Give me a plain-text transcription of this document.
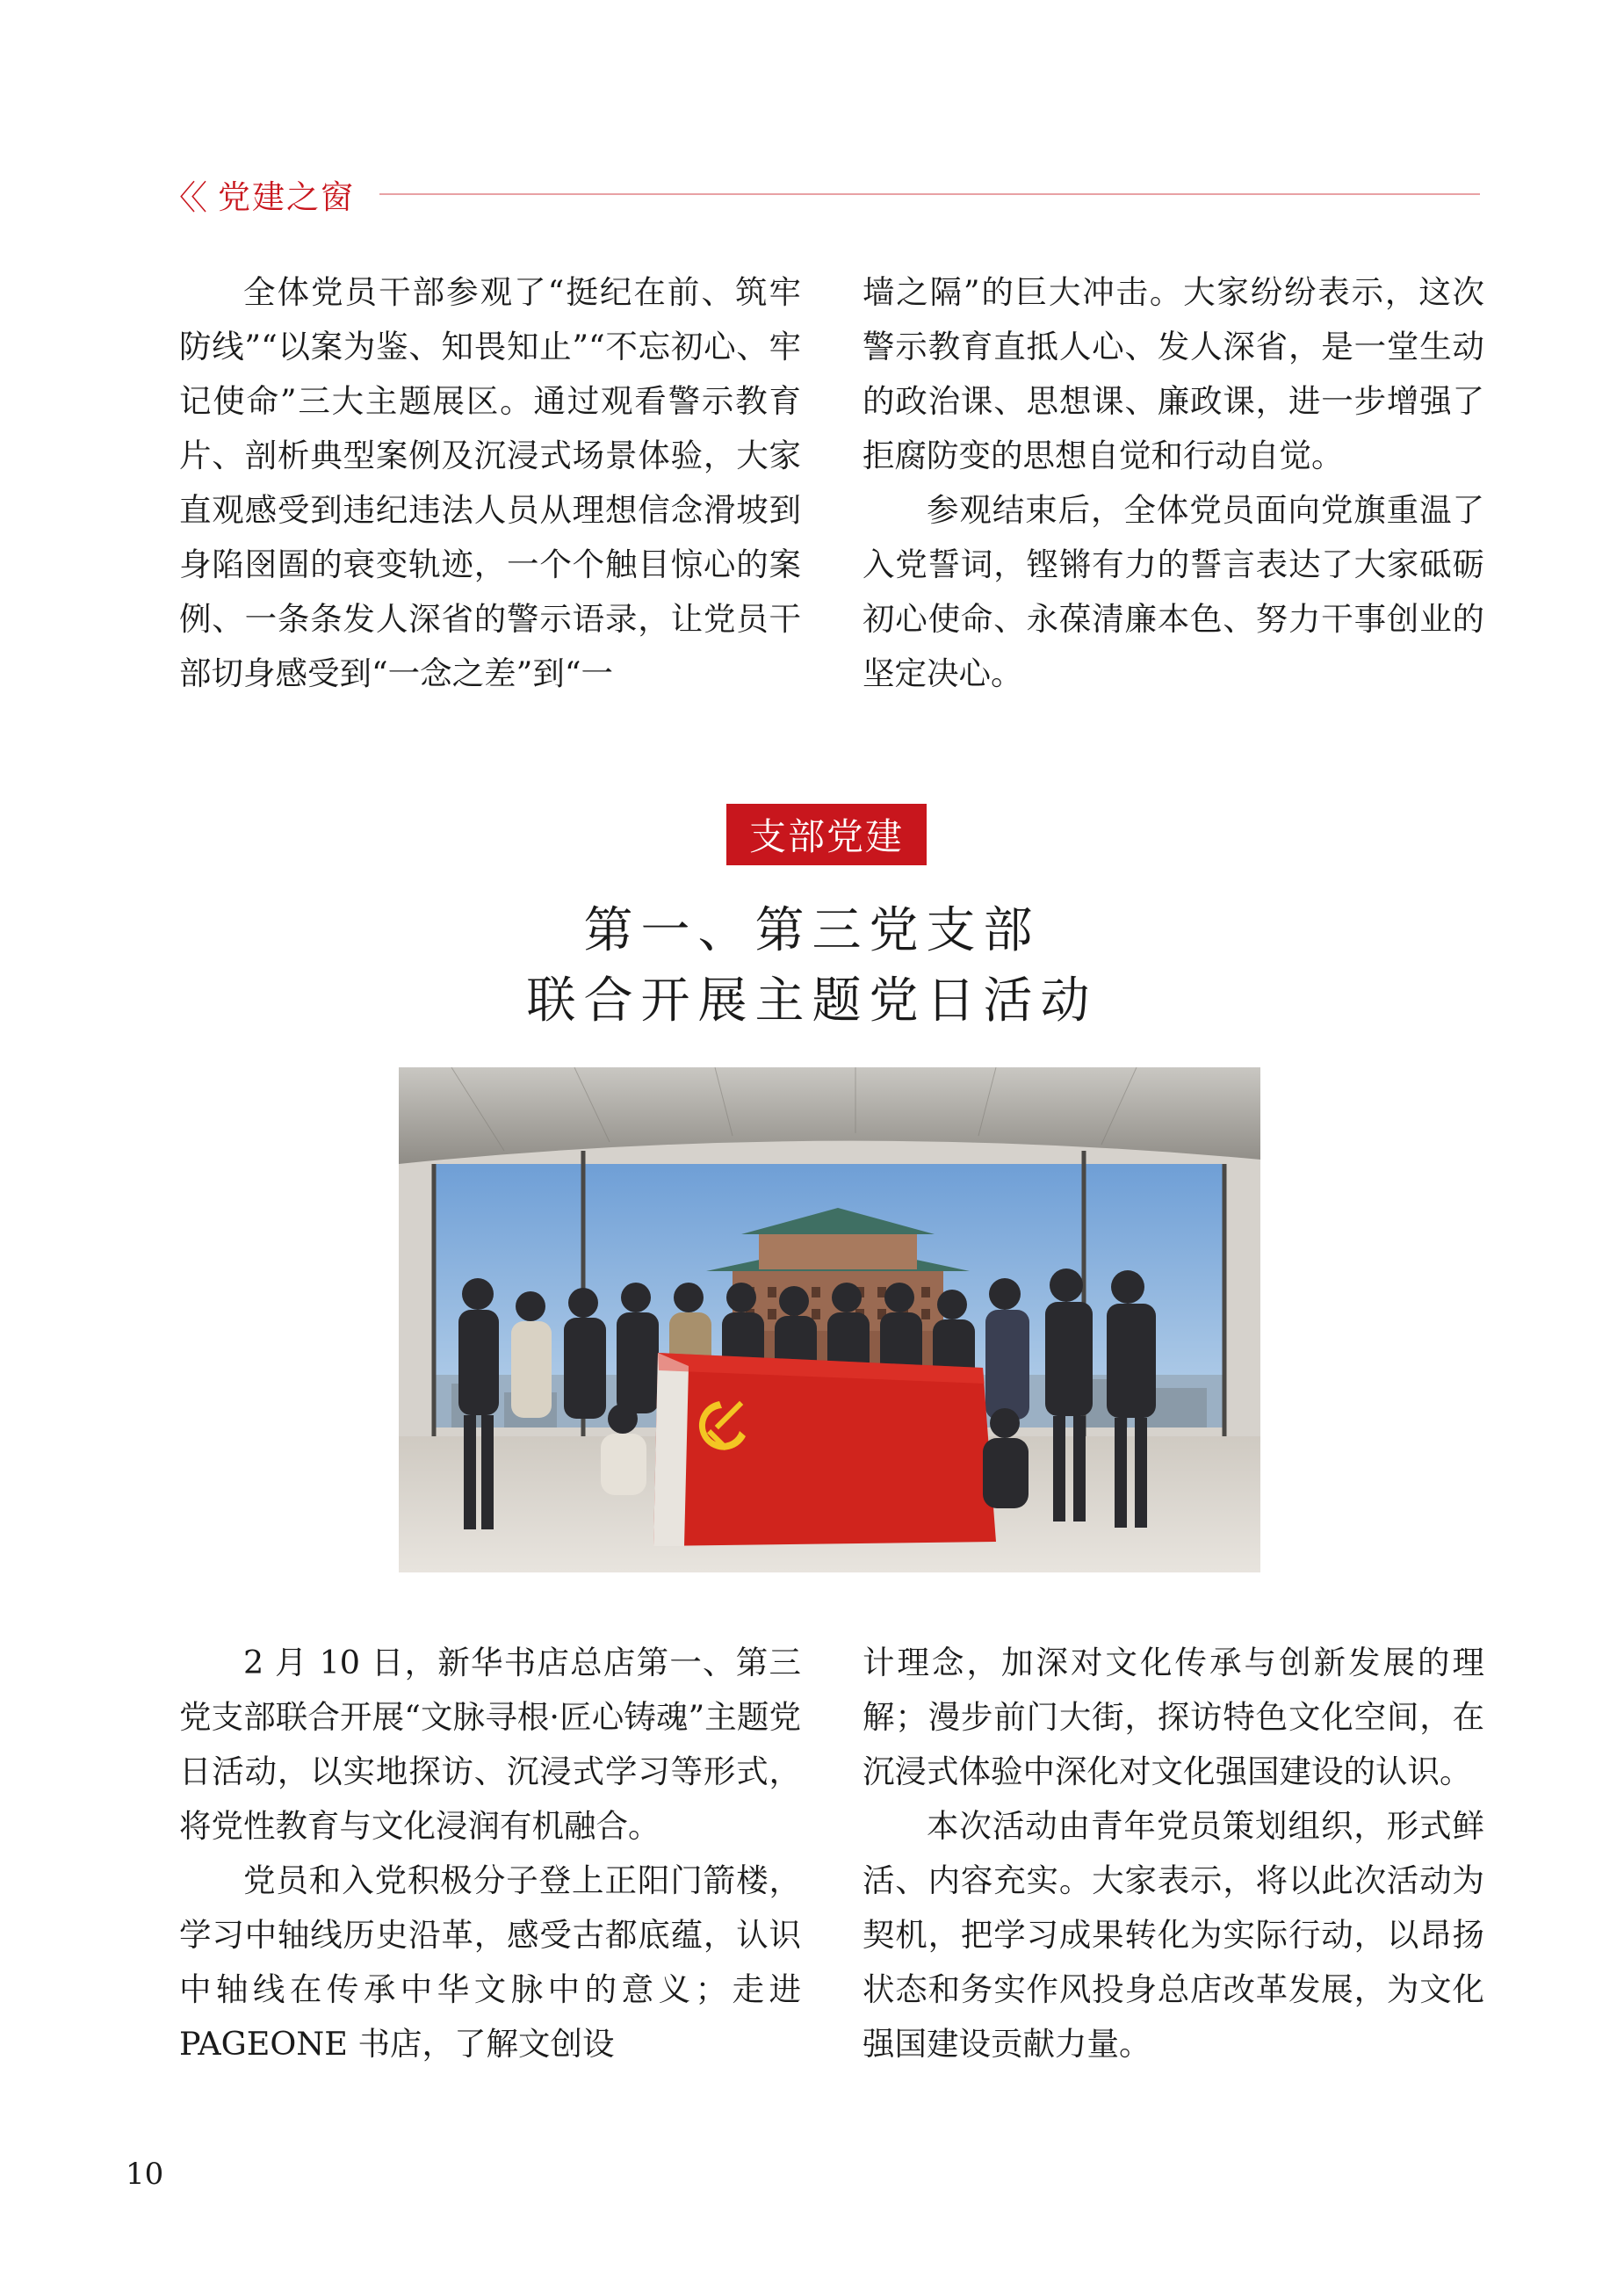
〈〈 党建之窗

全体党员干部参观了“挺纪在前、筑牢防线”“以案为鉴、知畏知止”“不忘初心、牢记使命”三大主题展区。通过观看警示教育片、剖析典型案例及沉浸式场景体验，大家直观感受到违纪违法人员从理想信念滑坡到身陷囹圄的衰变轨迹，一个个触目惊心的案例、一条条发人深省的警示语录，让党员干部切身感受到“一念之差”到“一

墙之隔”的巨大冲击。大家纷纷表示，这次警示教育直抵人心、发人深省，是一堂生动的政治课、思想课、廉政课，进一步增强了拒腐防变的思想自觉和行动自觉。

参观结束后，全体党员面向党旗重温了入党誓词，铿锵有力的誓言表达了大家砥砺初心使命、永葆清廉本色、努力干事创业的坚定决心。

支部党建
第一、第三党支部
联合开展主题党日活动

2 月 10 日，新华书店总店第一、第三党支部联合开展“文脉寻根·匠心铸魂”主题党日活动，以实地探访、沉浸式学习等形式，将党性教育与文化浸润有机融合。

党员和入党积极分子登上正阳门箭楼，学习中轴线历史沿革，感受古都底蕴，认识中轴线在传承中华文脉中的意义；走进 PAGEONE 书店，了解文创设

计理念，加深对文化传承与创新发展的理解；漫步前门大街，探访特色文化空间，在沉浸式体验中深化对文化强国建设的认识。

本次活动由青年党员策划组织，形式鲜活、内容充实。大家表示，将以此次活动为契机，把学习成果转化为实际行动，以昂扬状态和务实作风投身总店改革发展，为文化强国建设贡献力量。

10
